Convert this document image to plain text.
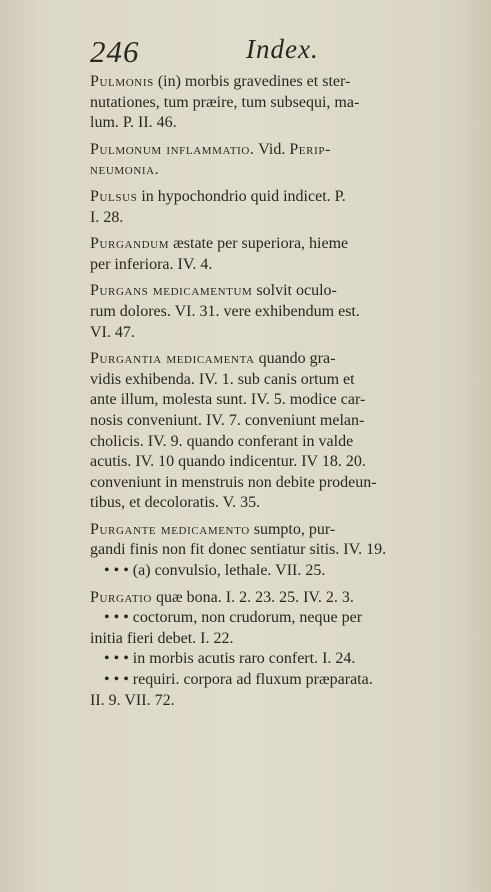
246	Index.
Pulmonis (in) morbis gravedines et ster-
nutationes, tum præire, tum subsequi, ma-
lum. P. II. 46.
Pulmonum inflammatio. Vid. Perip-
neumonia.
Pulsus in hypochondrio quid indicet. P.
I. 28.
Purgandum æstate per superiora, hieme
per inferiora. IV. 4.
Purgans medicamentum solvit oculo-
rum dolores. VI. 31. vere exhibendum est.
VI. 47.
Purgantia medicamenta quando gra-
vidis exhibenda. IV. 1. sub canis ortum et
ante illum, molesta sunt. IV. 5. modice car-
nosis conveniunt. IV. 7. conveniunt melan-
cholicis. IV. 9. quando conferant in valde
acutis. IV. 10 quando indicentur. IV 18. 20.
conveniunt in menstruis non debite prodeun-
tibus, et decoloratis. V. 35.
Purgante medicamento sumpto, pur-
gandi finis non fit donec sentiatur sitis. IV. 19.
• • • (a) convulsio, lethale. VII. 25.
Purgatio quæ bona. I. 2. 23. 25. IV. 2. 3.
• • • coctorum, non crudorum, neque per
initia fieri debet. I. 22.
• • • in morbis acutis raro confert. I. 24.
• • • requiri. corpora ad fluxum præparata.
II. 9. VII. 72.
